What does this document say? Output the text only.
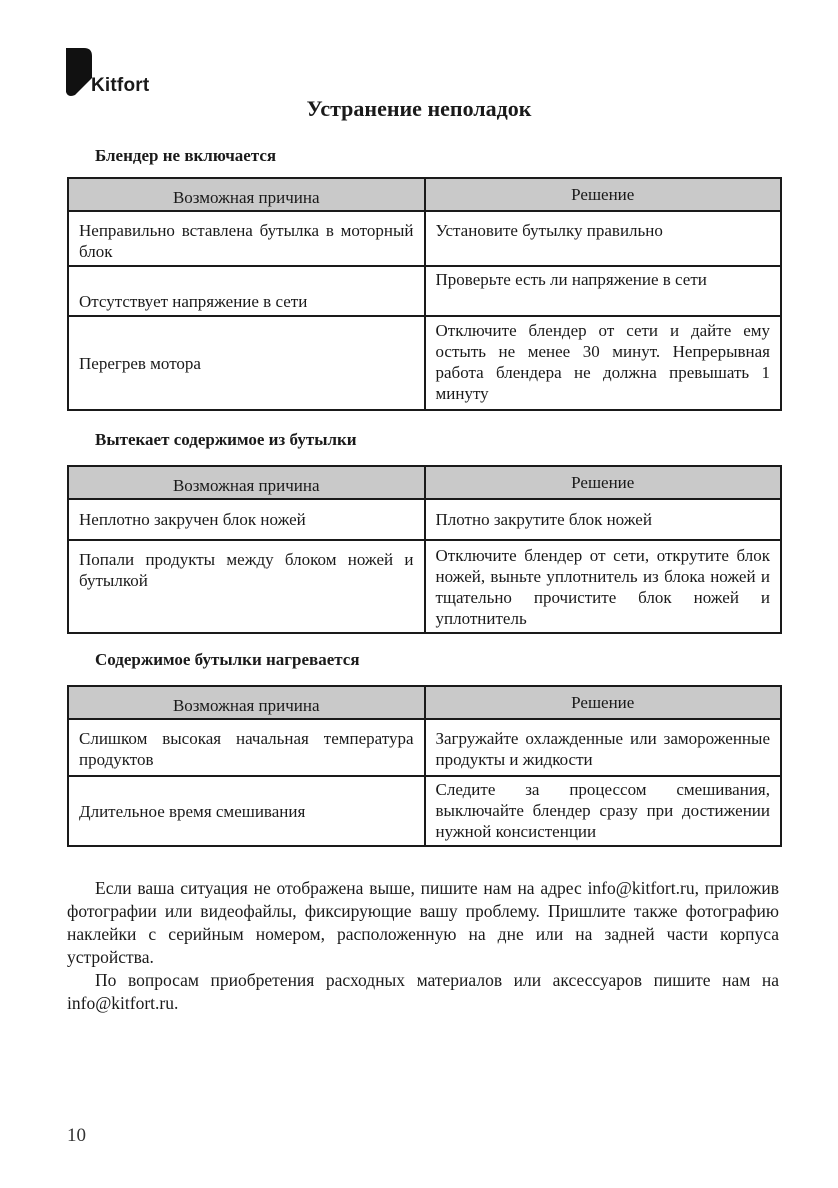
Kitfort
Устранение неполадок
Блендер не включается
Возможная причина	Решение
Неправильно вставлена бутылка в моторный блок	Установите бутылку правильно
Отсутствует напряжение в сети	Проверьте есть ли напряжение в сети
Перегрев мотора	Отключите блендер от сети и дайте ему остыть не менее 30 минут. Непрерывная работа блендера не должна превышать 1 минуту
Вытекает содержимое из бутылки
Возможная причина	Решение
Неплотно закручен блок ножей	Плотно закрутите блок ножей
Попали продукты между блоком ножей и бутылкой	Отключите блендер от сети, открутите блок ножей, выньте уплотнитель из блока ножей и тщательно прочистите блок ножей и уплотнитель
Содержимое бутылки нагревается
Возможная причина	Решение
Слишком высокая начальная температура продуктов	Загружайте охлажденные или замороженные продукты и жидкости
Длительное время смешивания	Следите за процессом смешивания, выключайте блендер сразу при достижении нужной консистенции

Если ваша ситуация не отображена выше, пишите нам на адрес info@kitfort.ru, приложив фотографии или видеофайлы, фиксирующие вашу проблему. Пришлите также фотографию наклейки с серийным номером, расположенную на дне или на задней части корпуса устройства.

По вопросам приобретения расходных материалов или аксессуаров пишите нам на info@kitfort.ru.

10
